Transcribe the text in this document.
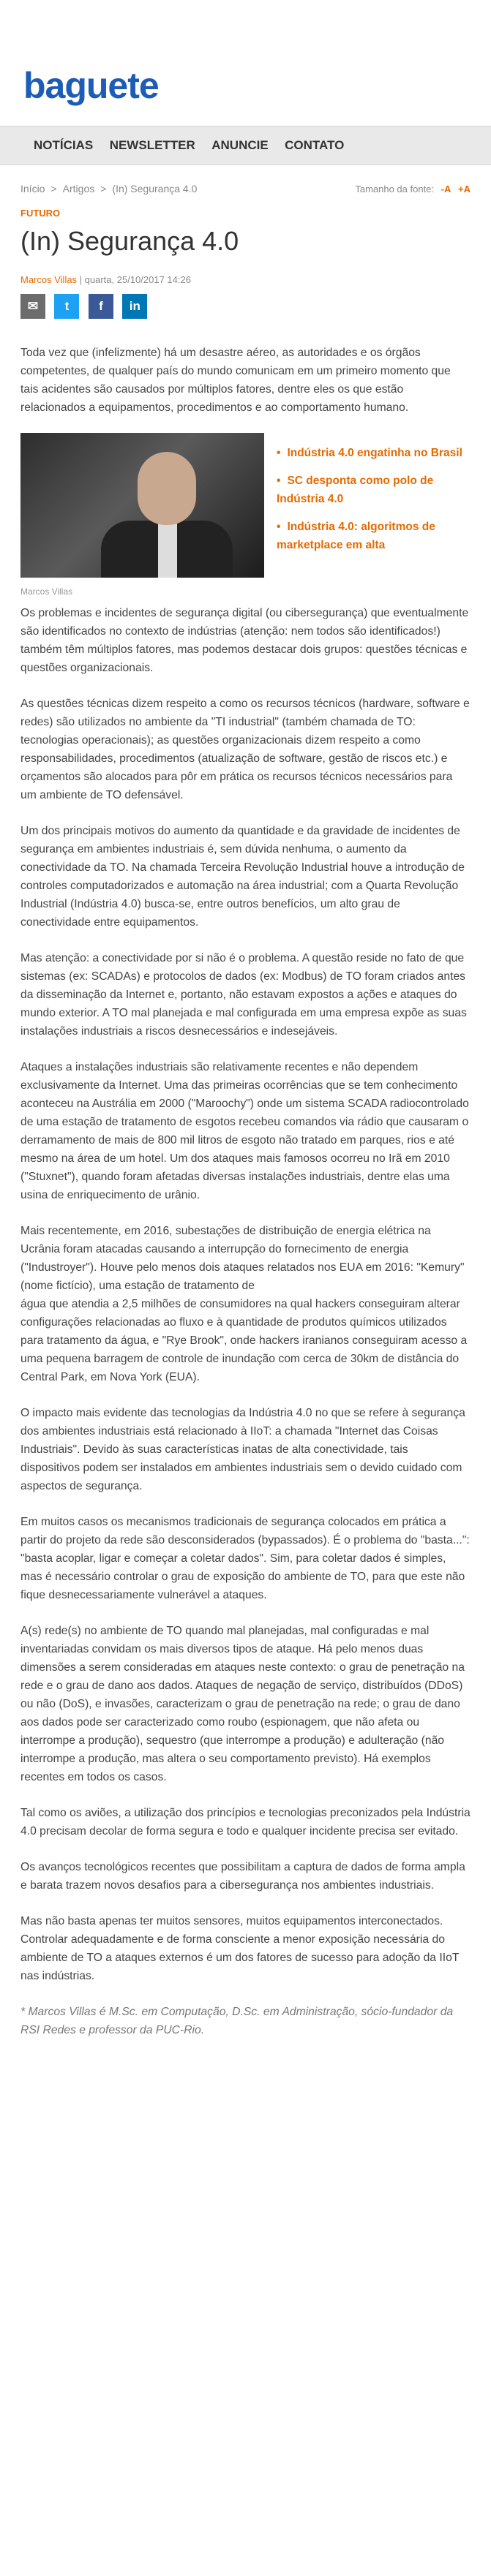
baguete
NOTÍCIAS NEWSLETTER ANUNCIE CONTATO
Início > Artigos > (In) Segurança 4.0	Tamanho da fonte: -A +A
FUTURO
(In) Segurança 4.0
Marcos Villas | quarta, 25/10/2017 14:26
✉ t f in

Toda vez que (infelizmente) há um desastre aéreo, as autoridades e os órgãos competentes, de qualquer país do mundo comunicam em um primeiro momento que tais acidentes são causados por múltiplos fatores, dentre eles os que estão relacionados a equipamentos, procedimentos e ao comportamento humano.

Marcos Villas
• Indústria 4.0 engatinha no Brasil
• SC desponta como polo de Indústria 4.0
• Indústria 4.0: algoritmos de marketplace em alta

Os problemas e incidentes de segurança digital (ou cibersegurança) que eventualmente são identificados no contexto de indústrias (atenção: nem todos são identificados!) também têm múltiplos fatores, mas podemos destacar dois grupos: questões técnicas e questões organizacionais.

As questões técnicas dizem respeito a como os recursos técnicos (hardware, software e redes) são utilizados no ambiente da "TI industrial" (também chamada de TO: tecnologias operacionais); as questões organizacionais dizem respeito a como responsabilidades, procedimentos (atualização de software, gestão de riscos etc.) e orçamentos são alocados para pôr em prática os recursos técnicos necessários para um ambiente de TO defensável.

Um dos principais motivos do aumento da quantidade e da gravidade de incidentes de segurança em ambientes industriais é, sem dúvida nenhuma, o aumento da conectividade da TO. Na chamada Terceira Revolução Industrial houve a introdução de controles computadorizados e automação na área industrial; com a Quarta Revolução Industrial (Indústria 4.0) busca-se, entre outros benefícios, um alto grau de conectividade entre equipamentos.

Mas atenção: a conectividade por si não é o problema. A questão reside no fato de que sistemas (ex: SCADAs) e protocolos de dados (ex: Modbus) de TO foram criados antes da disseminação da Internet e, portanto, não estavam expostos a ações e ataques do mundo exterior. A TO mal planejada e mal configurada em uma empresa expõe as suas instalações industriais a riscos desnecessários e indesejáveis.

Ataques a instalações industriais são relativamente recentes e não dependem exclusivamente da Internet. Uma das primeiras ocorrências que se tem conhecimento aconteceu na Austrália em 2000 ("Maroochy") onde um sistema SCADA radiocontrolado de uma estação de tratamento de esgotos recebeu comandos via rádio que causaram o derramamento de mais de 800 mil litros de esgoto não tratado em parques, rios e até mesmo na área de um hotel. Um dos ataques mais famosos ocorreu no Irã em 2010 ("Stuxnet"), quando foram afetadas diversas instalações industriais, dentre elas uma usina de enriquecimento de urânio.

Mais recentemente, em 2016, subestações de distribuição de energia elétrica na Ucrânia foram atacadas causando a interrupção do fornecimento de energia ("Industroyer"). Houve pelo menos dois ataques relatados nos EUA em 2016: "Kemury" (nome fictício), uma estação de tratamento de

água que atendia a 2,5 milhões de consumidores na qual hackers conseguiram alterar configurações relacionadas ao fluxo e à quantidade de produtos químicos utilizados para tratamento da água, e "Rye Brook", onde hackers iranianos conseguiram acesso a uma pequena barragem de controle de inundação com cerca de 30km de distância do Central Park, em Nova York (EUA).

O impacto mais evidente das tecnologias da Indústria 4.0 no que se refere à segurança dos ambientes industriais está relacionado à IIoT: a chamada "Internet das Coisas Industriais". Devido às suas características inatas de alta conectividade, tais dispositivos podem ser instalados em ambientes industriais sem o devido cuidado com aspectos de segurança.

Em muitos casos os mecanismos tradicionais de segurança colocados em prática a partir do projeto da rede são desconsiderados (bypassados). É o problema do "basta...": "basta acoplar, ligar e começar a coletar dados". Sim, para coletar dados é simples, mas é necessário controlar o grau de exposição do ambiente de TO, para que este não fique desnecessariamente vulnerável a ataques.

A(s) rede(s) no ambiente de TO quando mal planejadas, mal configuradas e mal inventariadas convidam os mais diversos tipos de ataque. Há pelo menos duas dimensões a serem consideradas em ataques neste contexto: o grau de penetração na rede e o grau de dano aos dados. Ataques de negação de serviço, distribuídos (DDoS) ou não (DoS), e invasões, caracterizam o grau de penetração na rede; o grau de dano aos dados pode ser caracterizado como roubo (espionagem, que não afeta ou interrompe a produção), sequestro (que interrompe a produção) e adulteração (não interrompe a produção, mas altera o seu comportamento previsto). Há exemplos recentes em todos os casos.

Tal como os aviões, a utilização dos princípios e tecnologias preconizados pela Indústria 4.0 precisam decolar de forma segura e todo e qualquer incidente precisa ser evitado.

Os avanços tecnológicos recentes que possibilitam a captura de dados de forma ampla e barata trazem novos desafios para a cibersegurança nos ambientes industriais.

Mas não basta apenas ter muitos sensores, muitos equipamentos interconectados. Controlar adequadamente e de forma consciente a menor exposição necessária do ambiente de TO a ataques externos é um dos fatores de sucesso para adoção da IIoT nas indústrias.

* Marcos Villas é M.Sc. em Computação, D.Sc. em Administração, sócio-fundador da RSI Redes e professor da PUC-Rio.
